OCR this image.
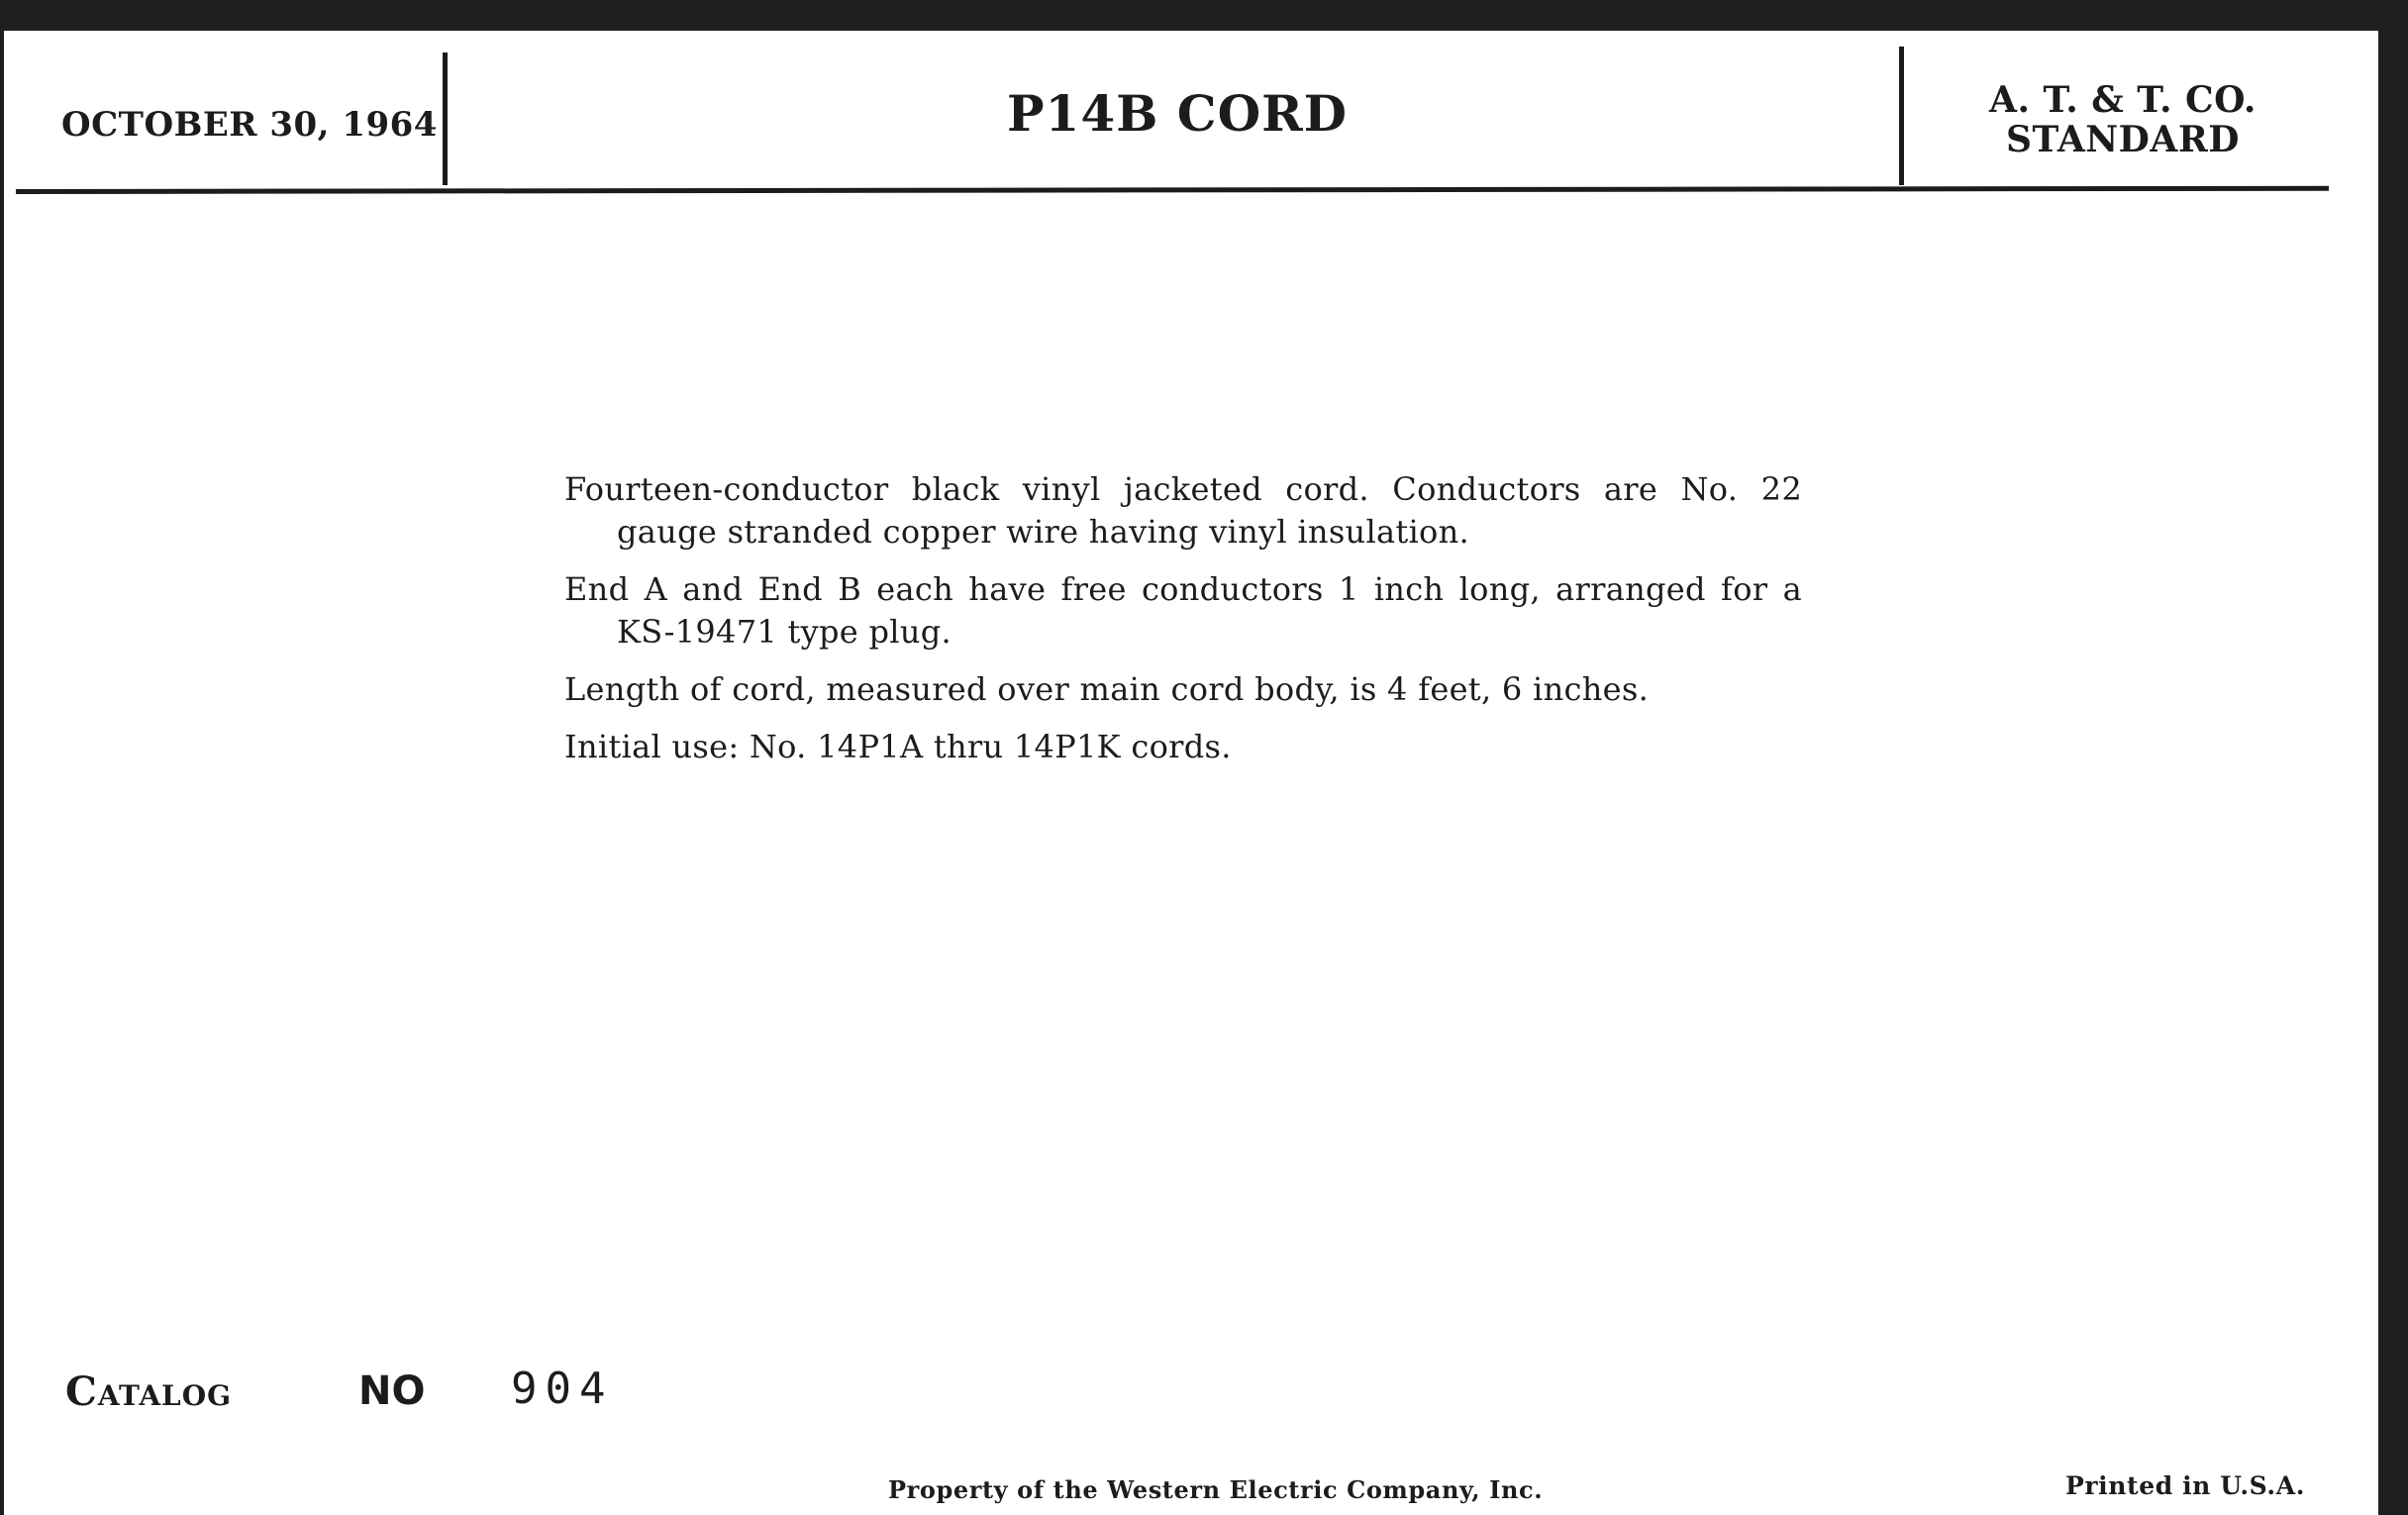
OCTOBER 30, 1964	P14B CORD	A. T. & T. CO.
STANDARD

Fourteen-conductor black vinyl jacketed cord. Conductors are No. 22 gauge stranded copper wire having vinyl insulation.

End A and End B each have free conductors 1 inch long, arranged for a KS-19471 type plug.

Length of cord, measured over main cord body, is 4 feet, 6 inches.

Initial use: No. 14P1A thru 14P1K cords.

Catalog	NO 904
Property of the Western Electric Company, Inc.	Printed in U.S.A.
